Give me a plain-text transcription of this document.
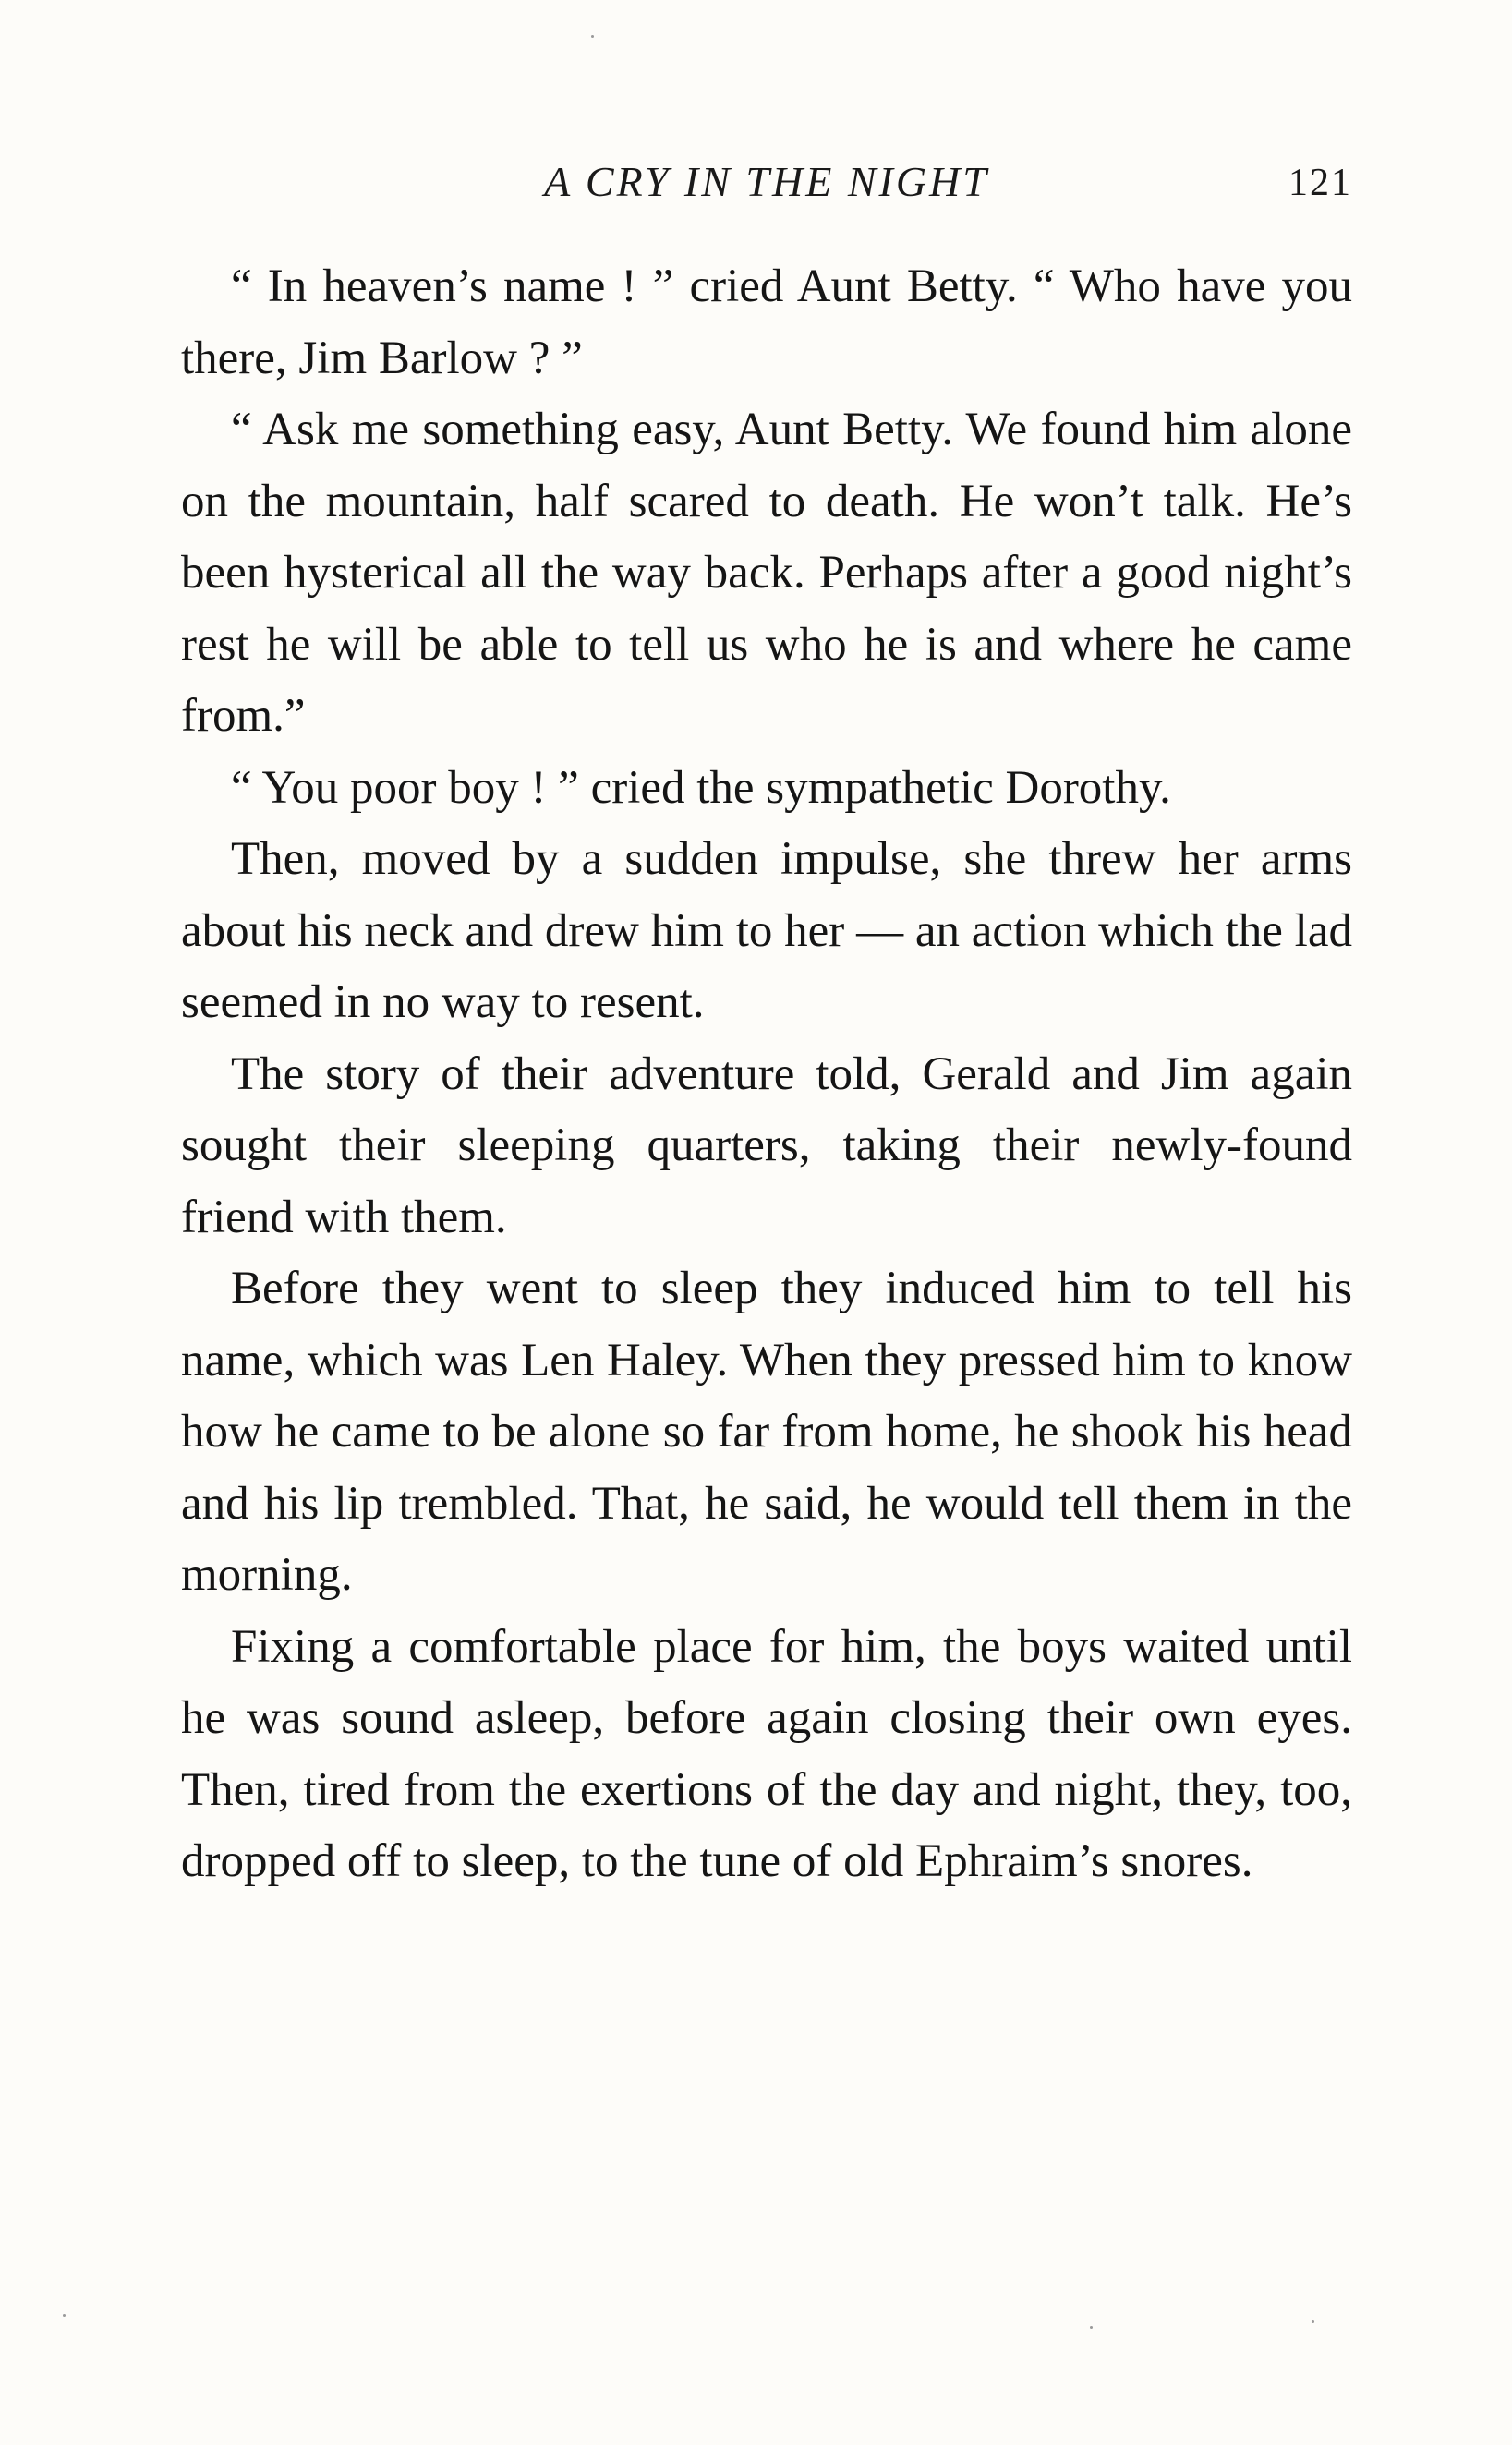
A CRY IN THE NIGHT	121

“ In heaven’s name ! ” cried Aunt Betty. “ Who have you there, Jim Barlow ? ”

“ Ask me something easy, Aunt Betty. We found him alone on the mountain, half scared to death. He won’t talk. He’s been hysterical all the way back. Perhaps after a good night’s rest he will be able to tell us who he is and where he came from.”

“ You poor boy ! ” cried the sympathetic Dorothy.

Then, moved by a sudden impulse, she threw her arms about his neck and drew him to her — an action which the lad seemed in no way to resent.

The story of their adventure told, Gerald and Jim again sought their sleeping quarters, taking their newly-found friend with them.

Before they went to sleep they induced him to tell his name, which was Len Haley. When they pressed him to know how he came to be alone so far from home, he shook his head and his lip trembled. That, he said, he would tell them in the morning.

Fixing a comfortable place for him, the boys waited until he was sound asleep, before again closing their own eyes. Then, tired from the exertions of the day and night, they, too, dropped off to sleep, to the tune of old Ephraim’s snores.
